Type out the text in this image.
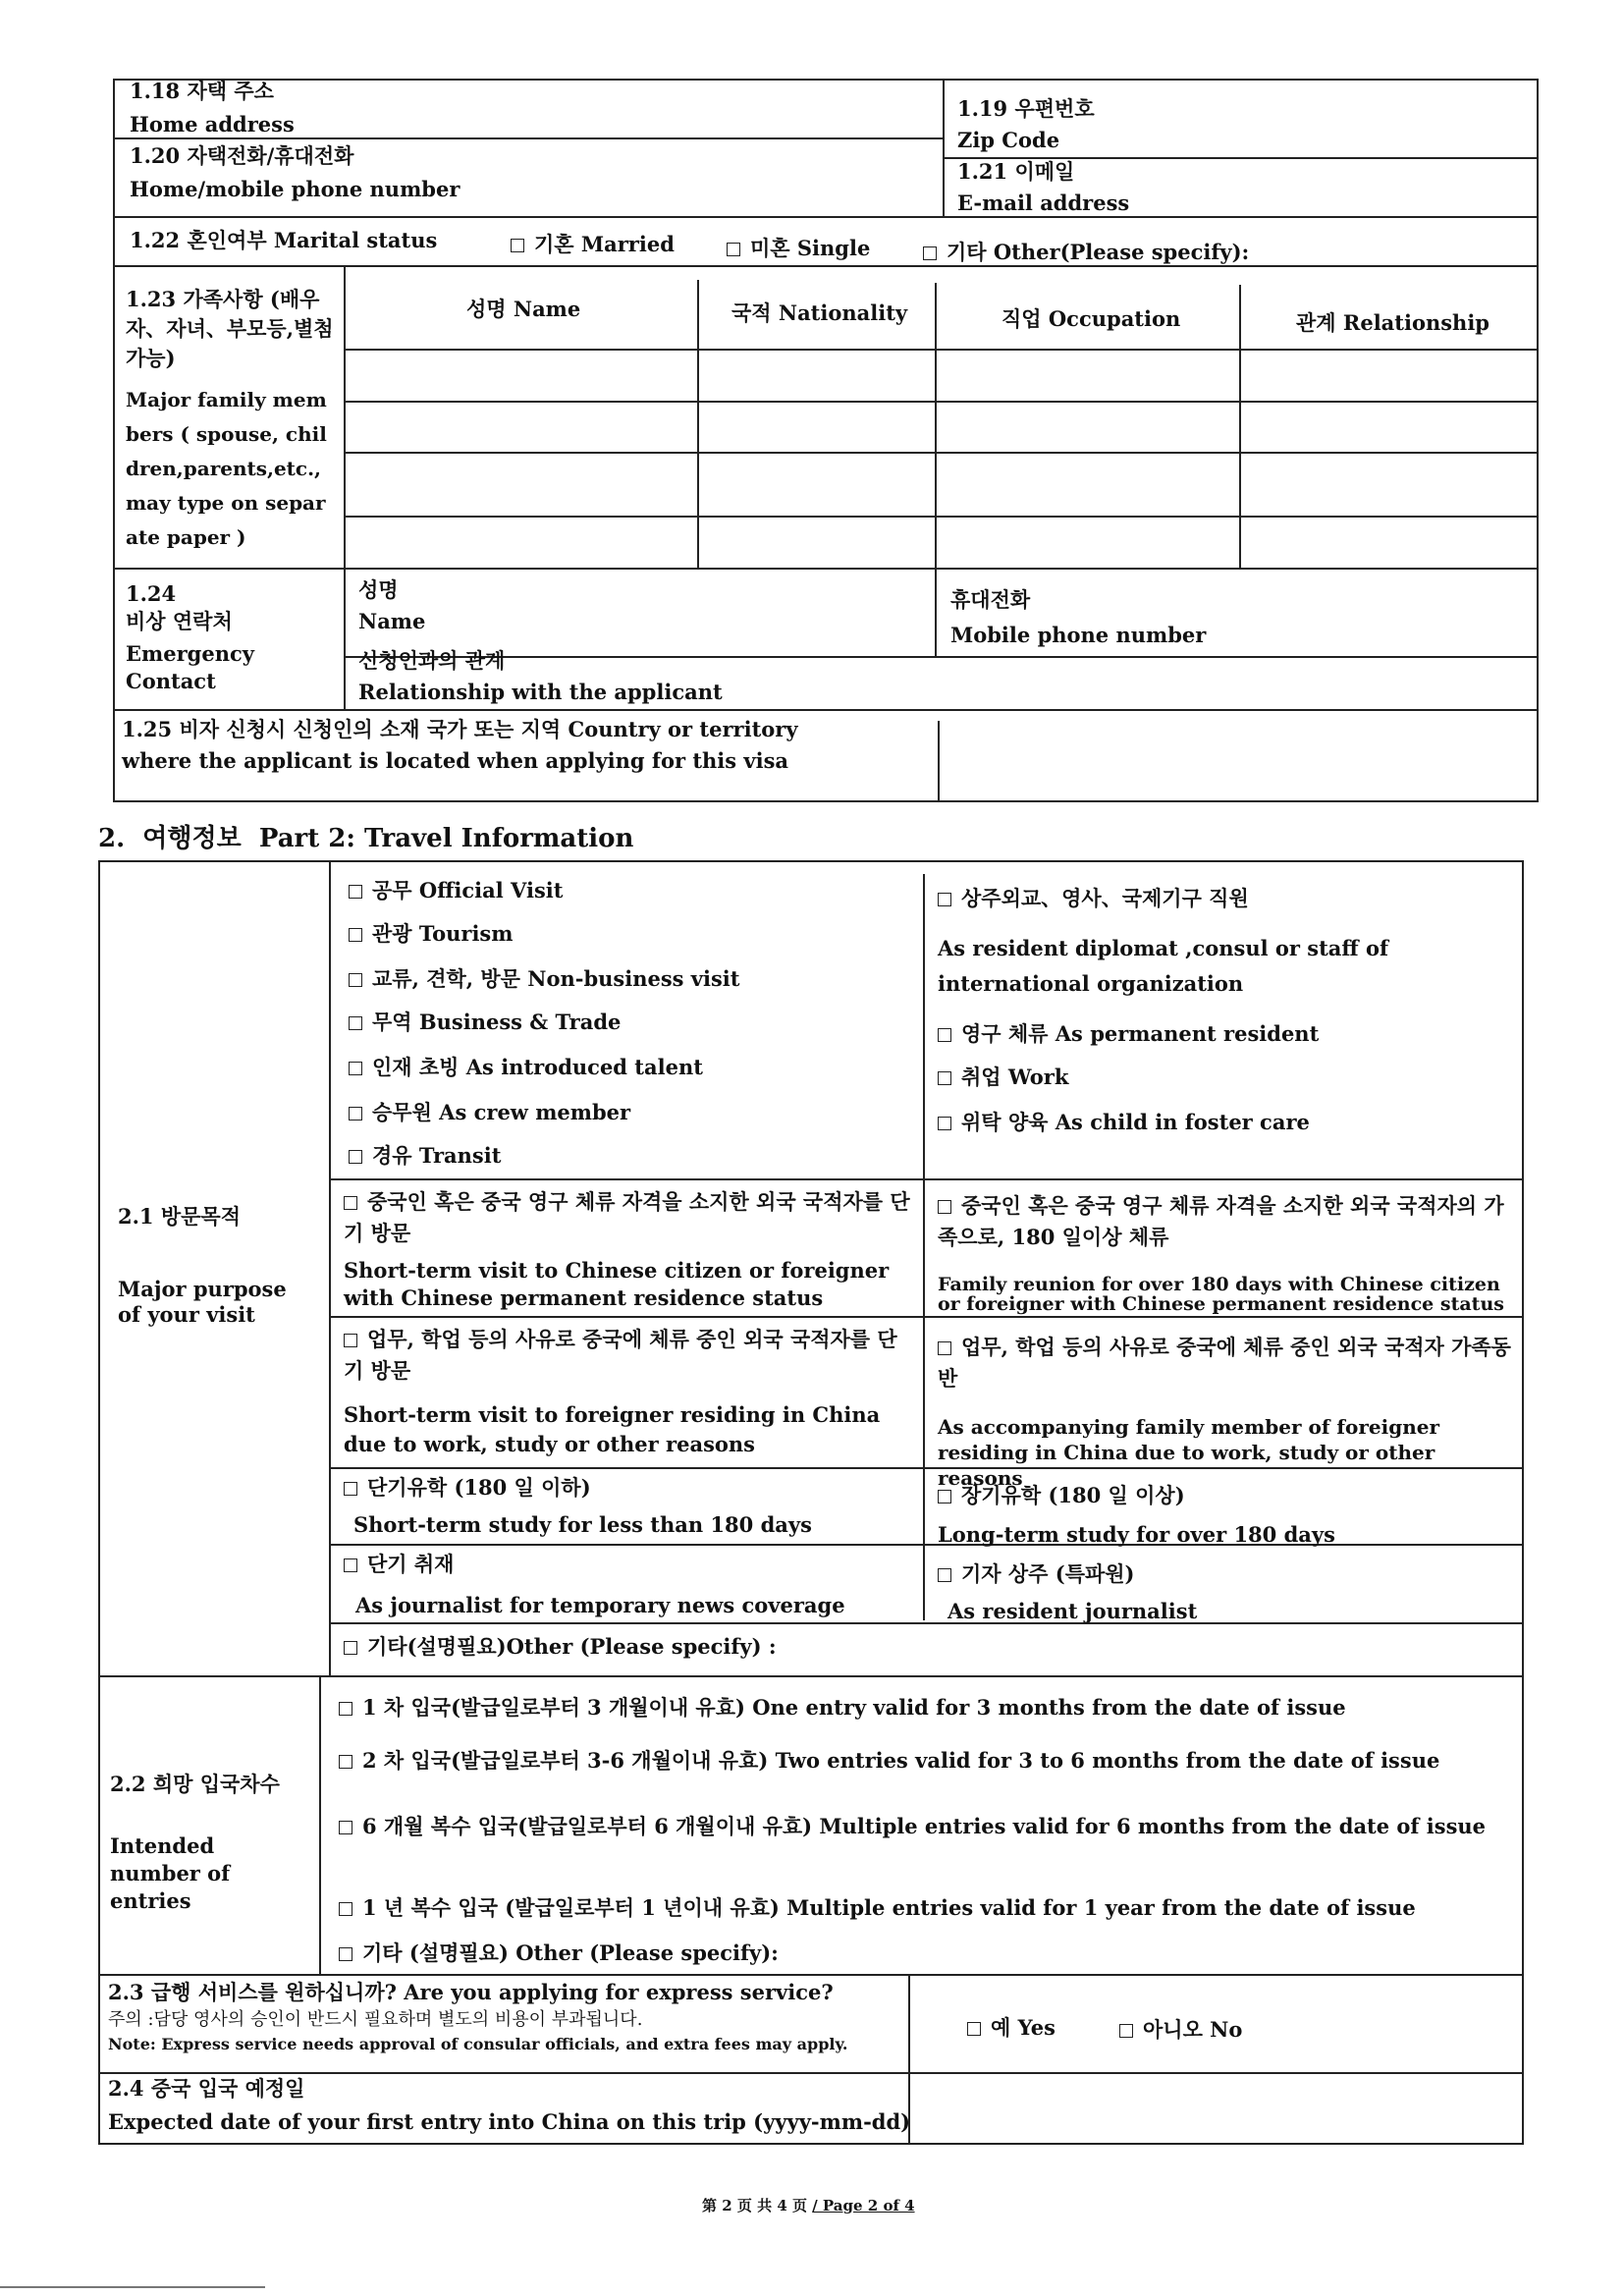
1.18 자택 주소
Home address
1.19 우편번호
Zip Code
1.20 자택전화/휴대전화
Home/mobile phone number
1.21 이메일
E-mail address
1.22 혼인여부 Marital status	기혼 Married	미혼 Single	기타 Other(Please specify):
1.23 가족사항 (배우자、자녀、부모등,별첨가능)
Major family members ( spouse, children,parents,etc.,may type on separate paper )
성명 Name	국적 Nationality	직업 Occupation	관계 Relationship
1.24
비상 연락처
Emergency Contact
성명
Name
휴대전화
Mobile phone number
신청인과의 관계
Relationship with the applicant
1.25 비자 신청시 신청인의 소재 국가 또는 지역 Country or territory
where the applicant is located when applying for this visa
2. 여행정보 Part 2: Travel Information
2.1 방문목적
Major purpose of your visit
공무 Official Visit
관광 Tourism
교류, 견학, 방문 Non-business visit
무역 Business & Trade
인재 초빙 As introduced talent
승무원 As crew member
경유 Transit
상주외교、영사、국제기구 직원
As resident diplomat ,consul or staff of international organization
영구 체류 As permanent resident
취업 Work
위탁 양육 As child in foster care
중국인 혹은 중국 영구 체류 자격을 소지한 외국 국적자를 단기 방문
Short-term visit to Chinese citizen or foreigner with Chinese permanent residence status
중국인 혹은 중국 영구 체류 자격을 소지한 외국 국적자의 가족으로, 180 일이상 체류
Family reunion for over 180 days with Chinese citizen or foreigner with Chinese permanent residence status
업무, 학업 등의 사유로 중국에 체류 중인 외국 국적자를 단기 방문
Short-term visit to foreigner residing in China due to work, study or other reasons
업무, 학업 등의 사유로 중국에 체류 중인 외국 국적자 가족동반
As accompanying family member of foreigner residing in China due to work, study or other reasons
단기유학 (180 일 이하)
Short-term study for less than 180 days
장기유학 (180 일 이상)
Long-term study for over 180 days
단기 취재
As journalist for temporary news coverage
기자 상주 (특파원)
As resident journalist
기타(설명필요)Other (Please specify) :
2.2 희망 입국차수
Intended number of entries
1 차 입국(발급일로부터 3 개월이내 유효) One entry valid for 3 months from the date of issue
2 차 입국(발급일로부터 3-6 개월이내 유효) Two entries valid for 3 to 6 months from the date of issue
6 개월 복수 입국(발급일로부터 6 개월이내 유효) Multiple entries valid for 6 months from the date of issue
1 년 복수 입국 (발급일로부터 1 년이내 유효) Multiple entries valid for 1 year from the date of issue
기타 (설명필요) Other (Please specify):
2.3 급행 서비스를 원하십니까? Are you applying for express service?
주의 :담당 영사의 승인이 반드시 필요하며 별도의 비용이 부과됩니다.
Note: Express service needs approval of consular officials, and extra fees may apply.
예 Yes	아니오 No
2.4 중국 입국 예정일
Expected date of your first entry into China on this trip (yyyy-mm-dd)
第 2 页 共 4 页 / Page 2 of 4
